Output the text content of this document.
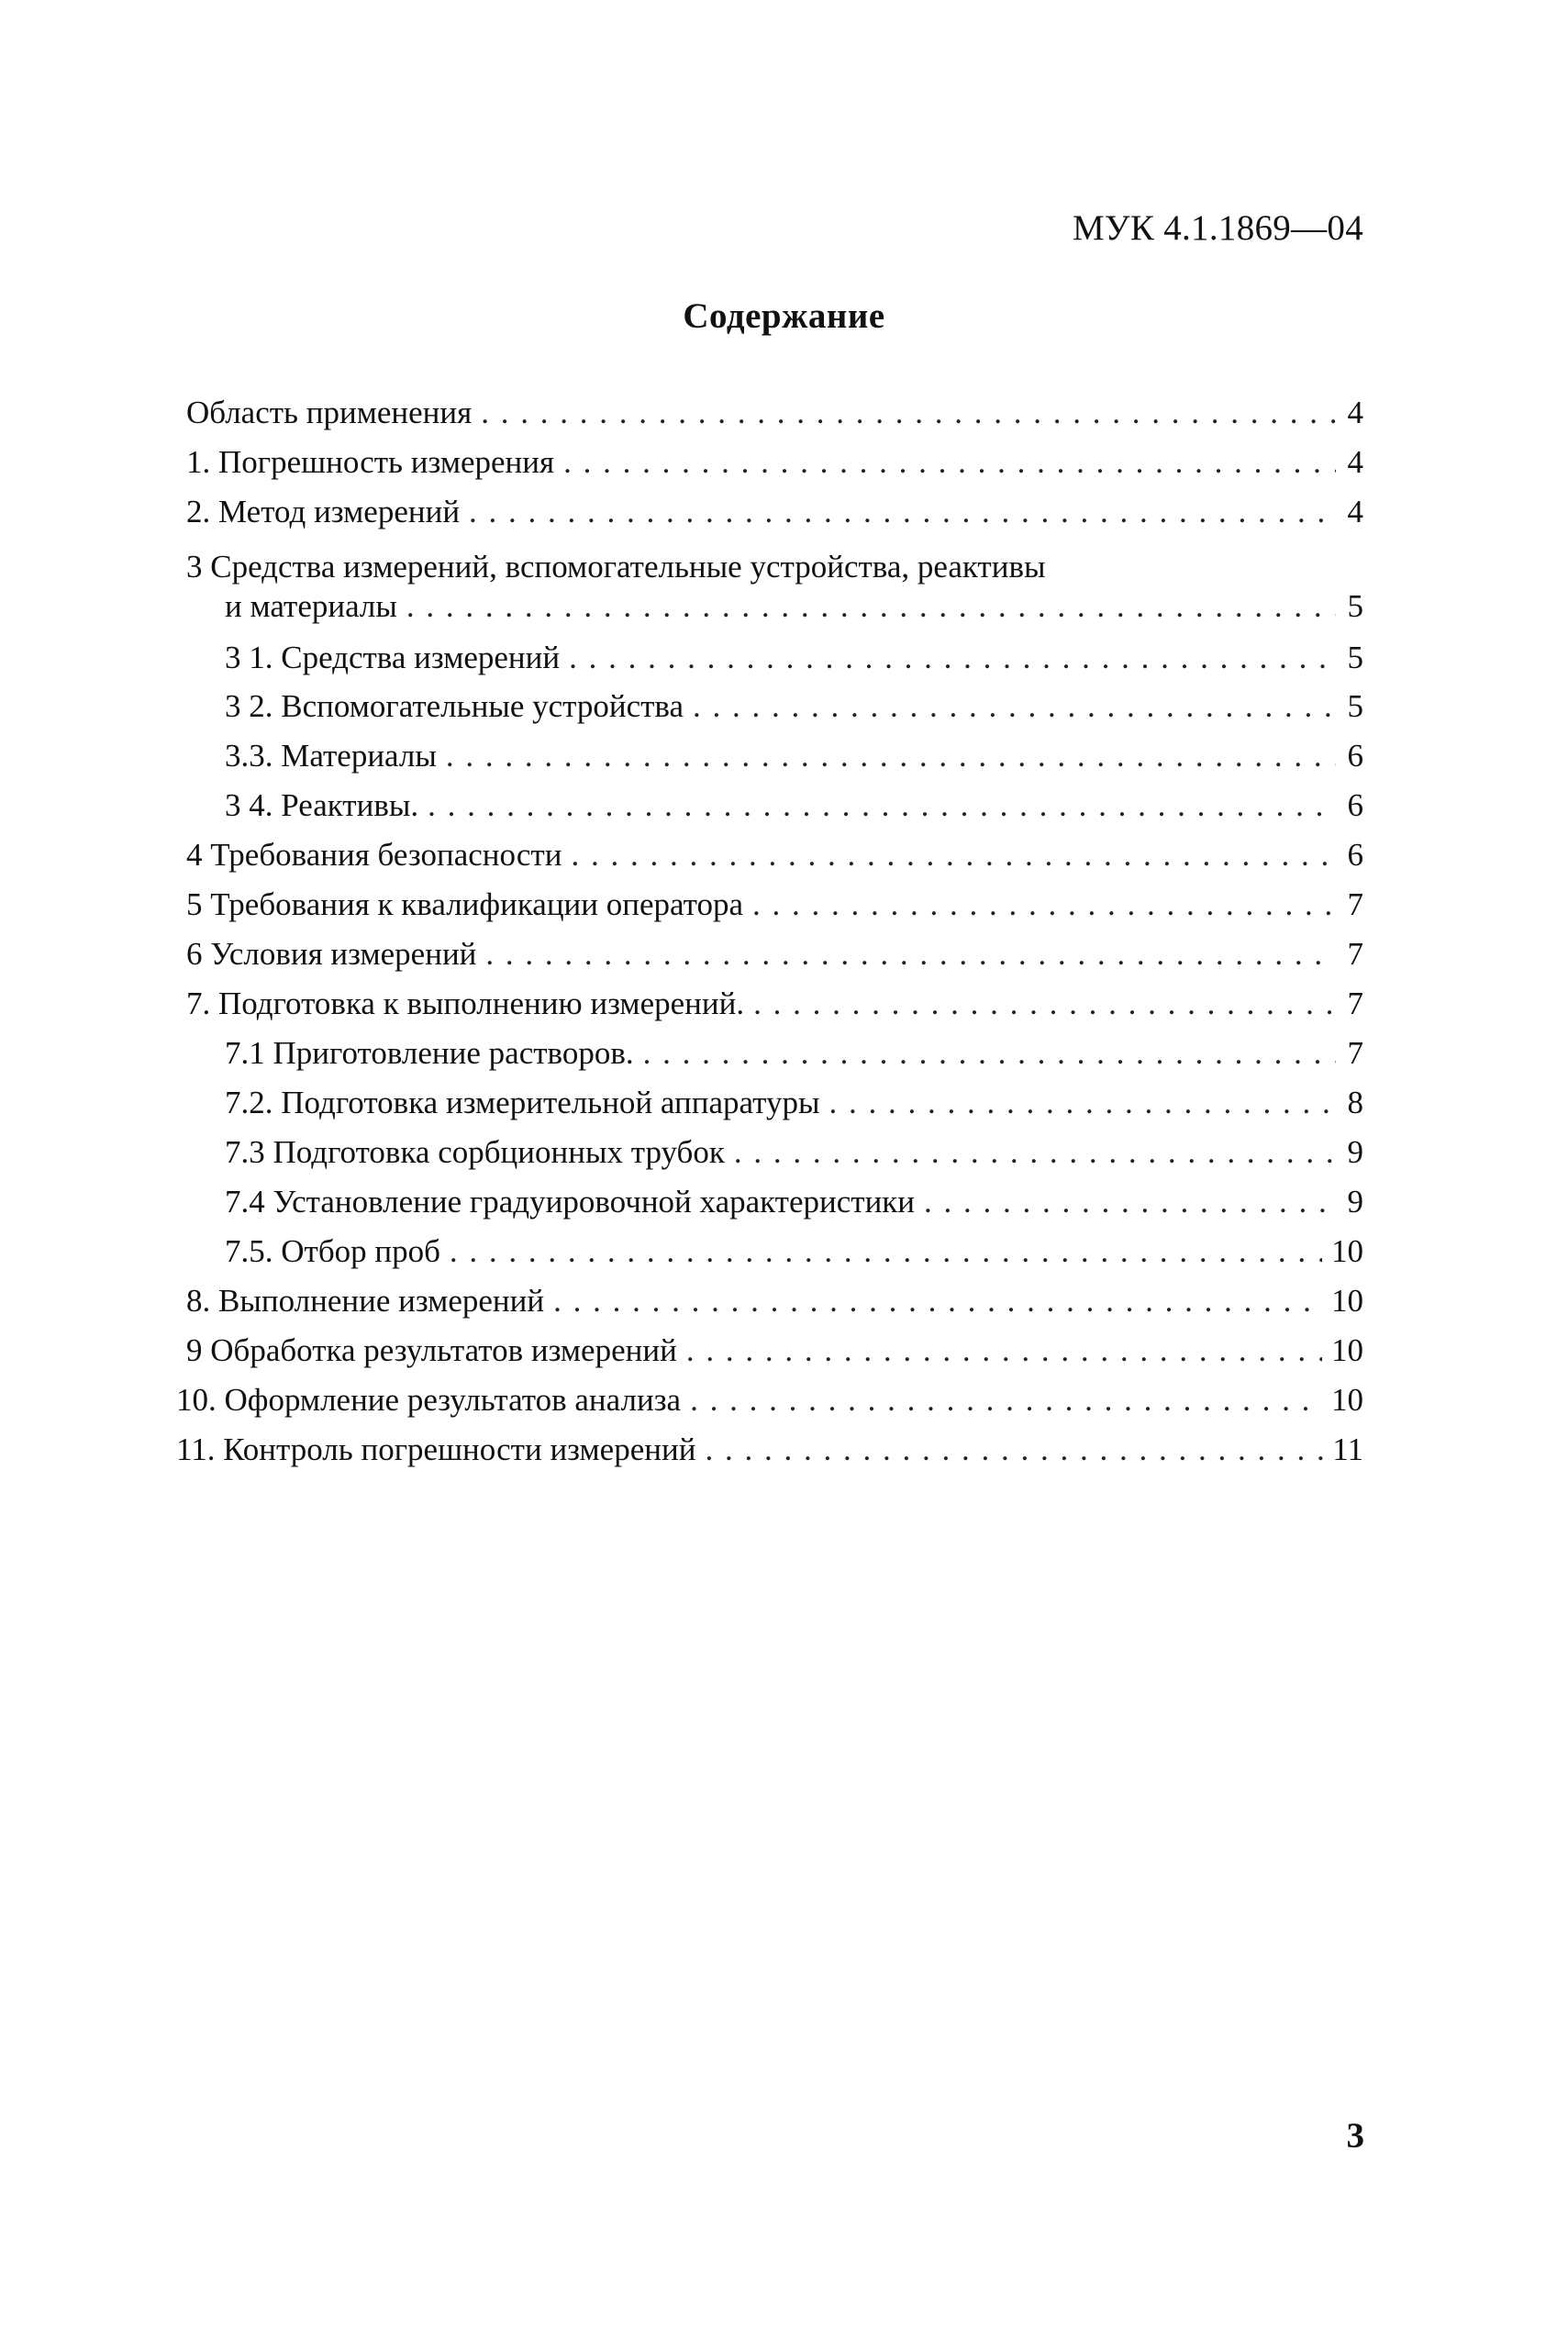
МУК 4.1.1869—04
Содержание
Область применения . . .	4
1. Погрешность измерения . . .	4
2. Метод измерений . . .	4
3 Средства измерений, вспомогательные устройства, реактивы
и материалы . . .	5
3 1. Средства измерений . . .	5
3 2. Вспомогательные устройства . . .	5
3.3. Материалы . . .	6
3 4. Реактивы. . . .	6
4 Требования безопасности . . .	6
5 Требования к квалификации оператора . . .	7
6 Условия измерений . . .	7
7. Подготовка к выполнению измерений. . . .	7
7.1 Приготовление растворов. . . .	7
7.2. Подготовка измерительной аппаратуры . . .	8
7.3 Подготовка сорбционных трубок . . .	9
7.4 Установление градуировочной характеристики . . .	9
7.5. Отбор проб . . .	10
8. Выполнение измерений . . .	10
9 Обработка результатов измерений . . .	10
10. Оформление результатов анализа . . .	10
11. Контроль погрешности измерений . . .	11
3
